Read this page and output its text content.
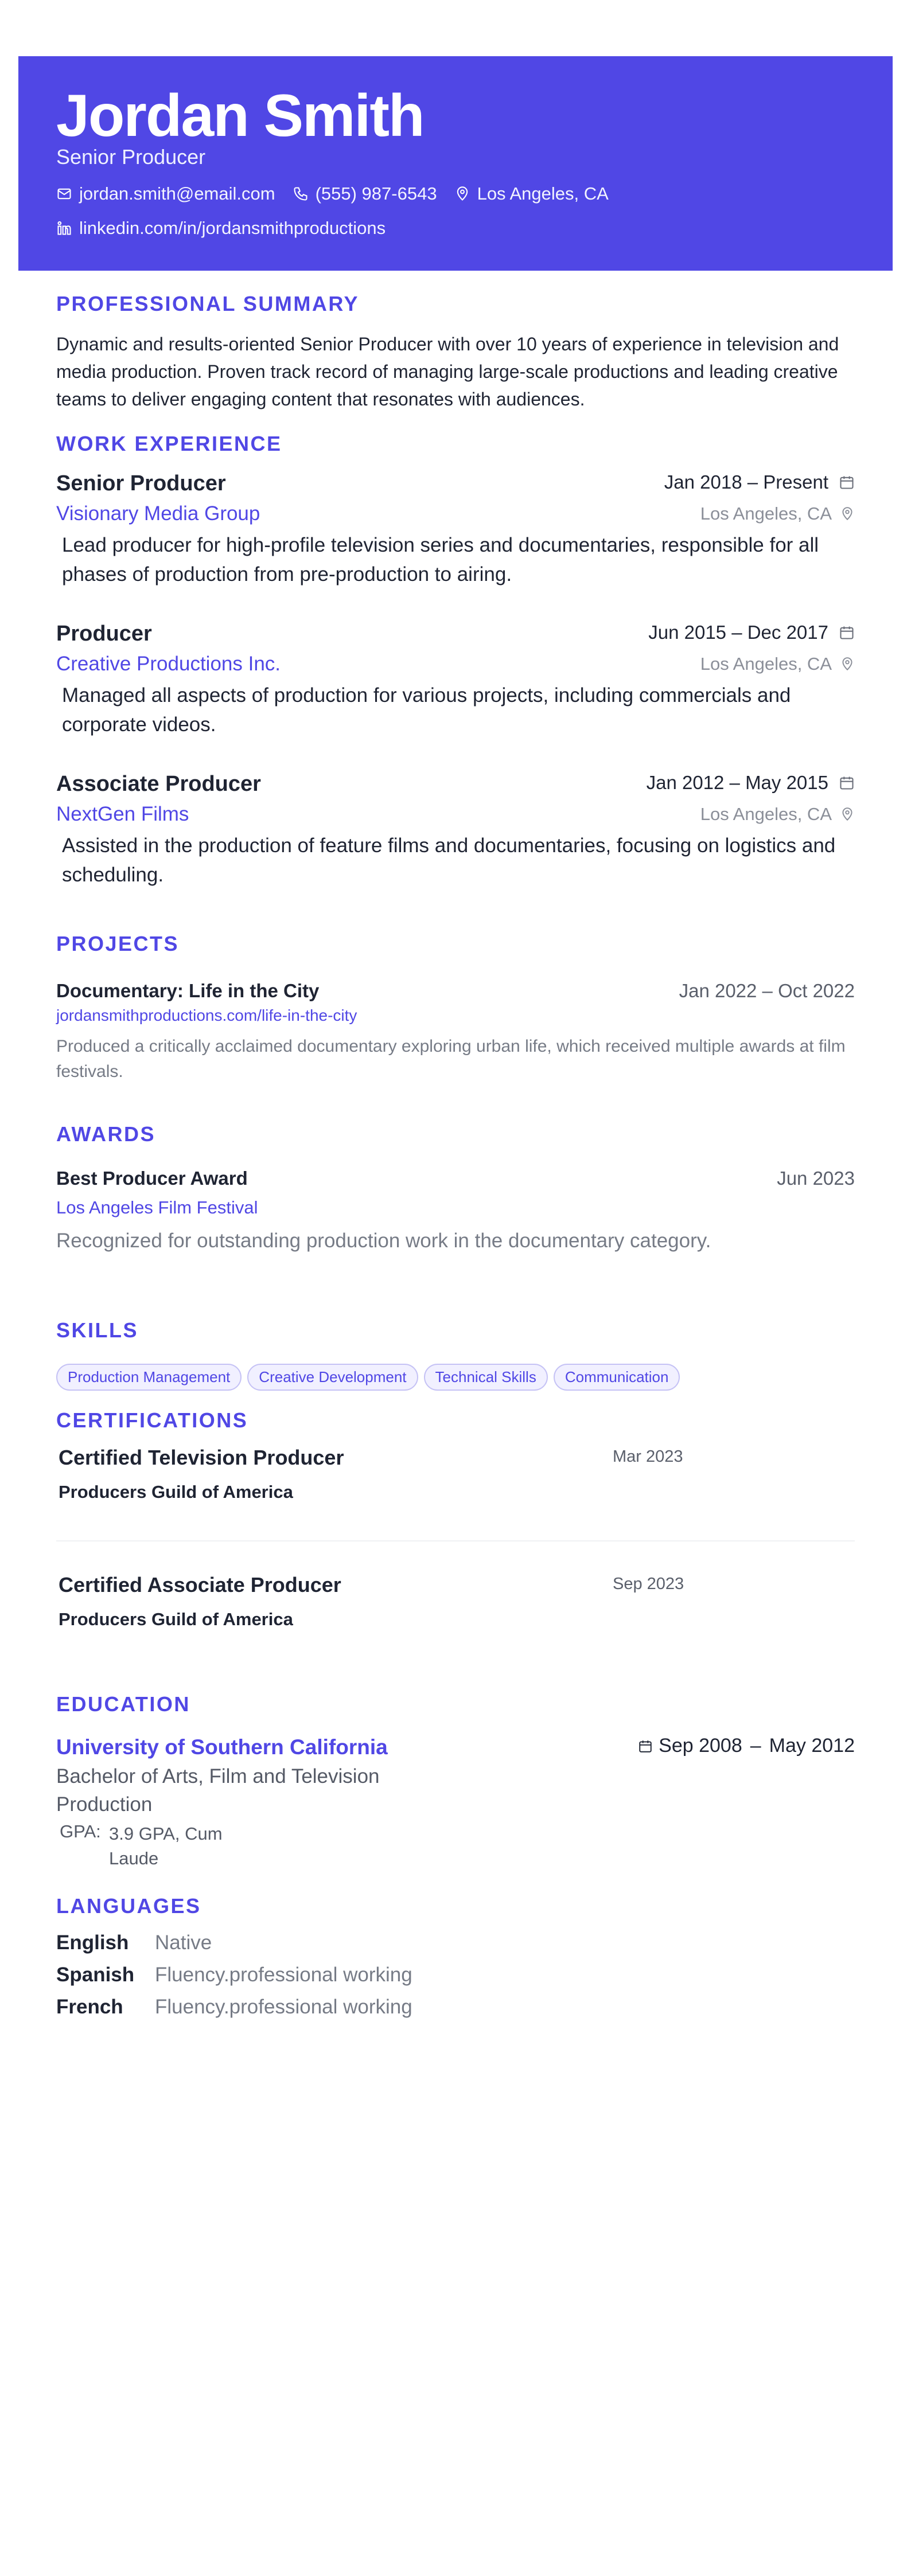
Jordan Smith
Senior Producer
jordan.smith@email.com (555) 987-6543 Los Angeles, CA
linkedin.com/in/jordansmithproductions
PROFESSIONAL SUMMARY
Dynamic and results-oriented Senior Producer with over 10 years of experience in television and media production. Proven track record of managing large-scale productions and leading creative teams to deliver engaging content that resonates with audiences.
WORK EXPERIENCE
Senior Producer	Jan 2018 – Present
Visionary Media Group	Los Angeles, CA
Lead producer for high-profile television series and documentaries, responsible for all phases of production from pre-production to airing.
Producer	Jun 2015 – Dec 2017
Creative Productions Inc.	Los Angeles, CA
Managed all aspects of production for various projects, including commercials and corporate videos.
Associate Producer	Jan 2012 – May 2015
NextGen Films	Los Angeles, CA
Assisted in the production of feature films and documentaries, focusing on logistics and scheduling.
PROJECTS
Documentary: Life in the City	Jan 2022 – Oct 2022
jordansmithproductions.com/life-in-the-city
Produced a critically acclaimed documentary exploring urban life, which received multiple awards at film festivals.
AWARDS
Best Producer Award	Jun 2023
Los Angeles Film Festival
Recognized for outstanding production work in the documentary category.
SKILLS
Production Management	Creative Development	Technical Skills	Communication
CERTIFICATIONS
Certified Television Producer	Mar 2023
Producers Guild of America
Certified Associate Producer	Sep 2023
Producers Guild of America
EDUCATION
University of Southern California	Sep 2008 – May 2012
Bachelor of Arts, Film and Television Production
GPA: 3.9 GPA, Cum Laude
LANGUAGES
English Native
Spanish Fluency.professional working
French Fluency.professional working
